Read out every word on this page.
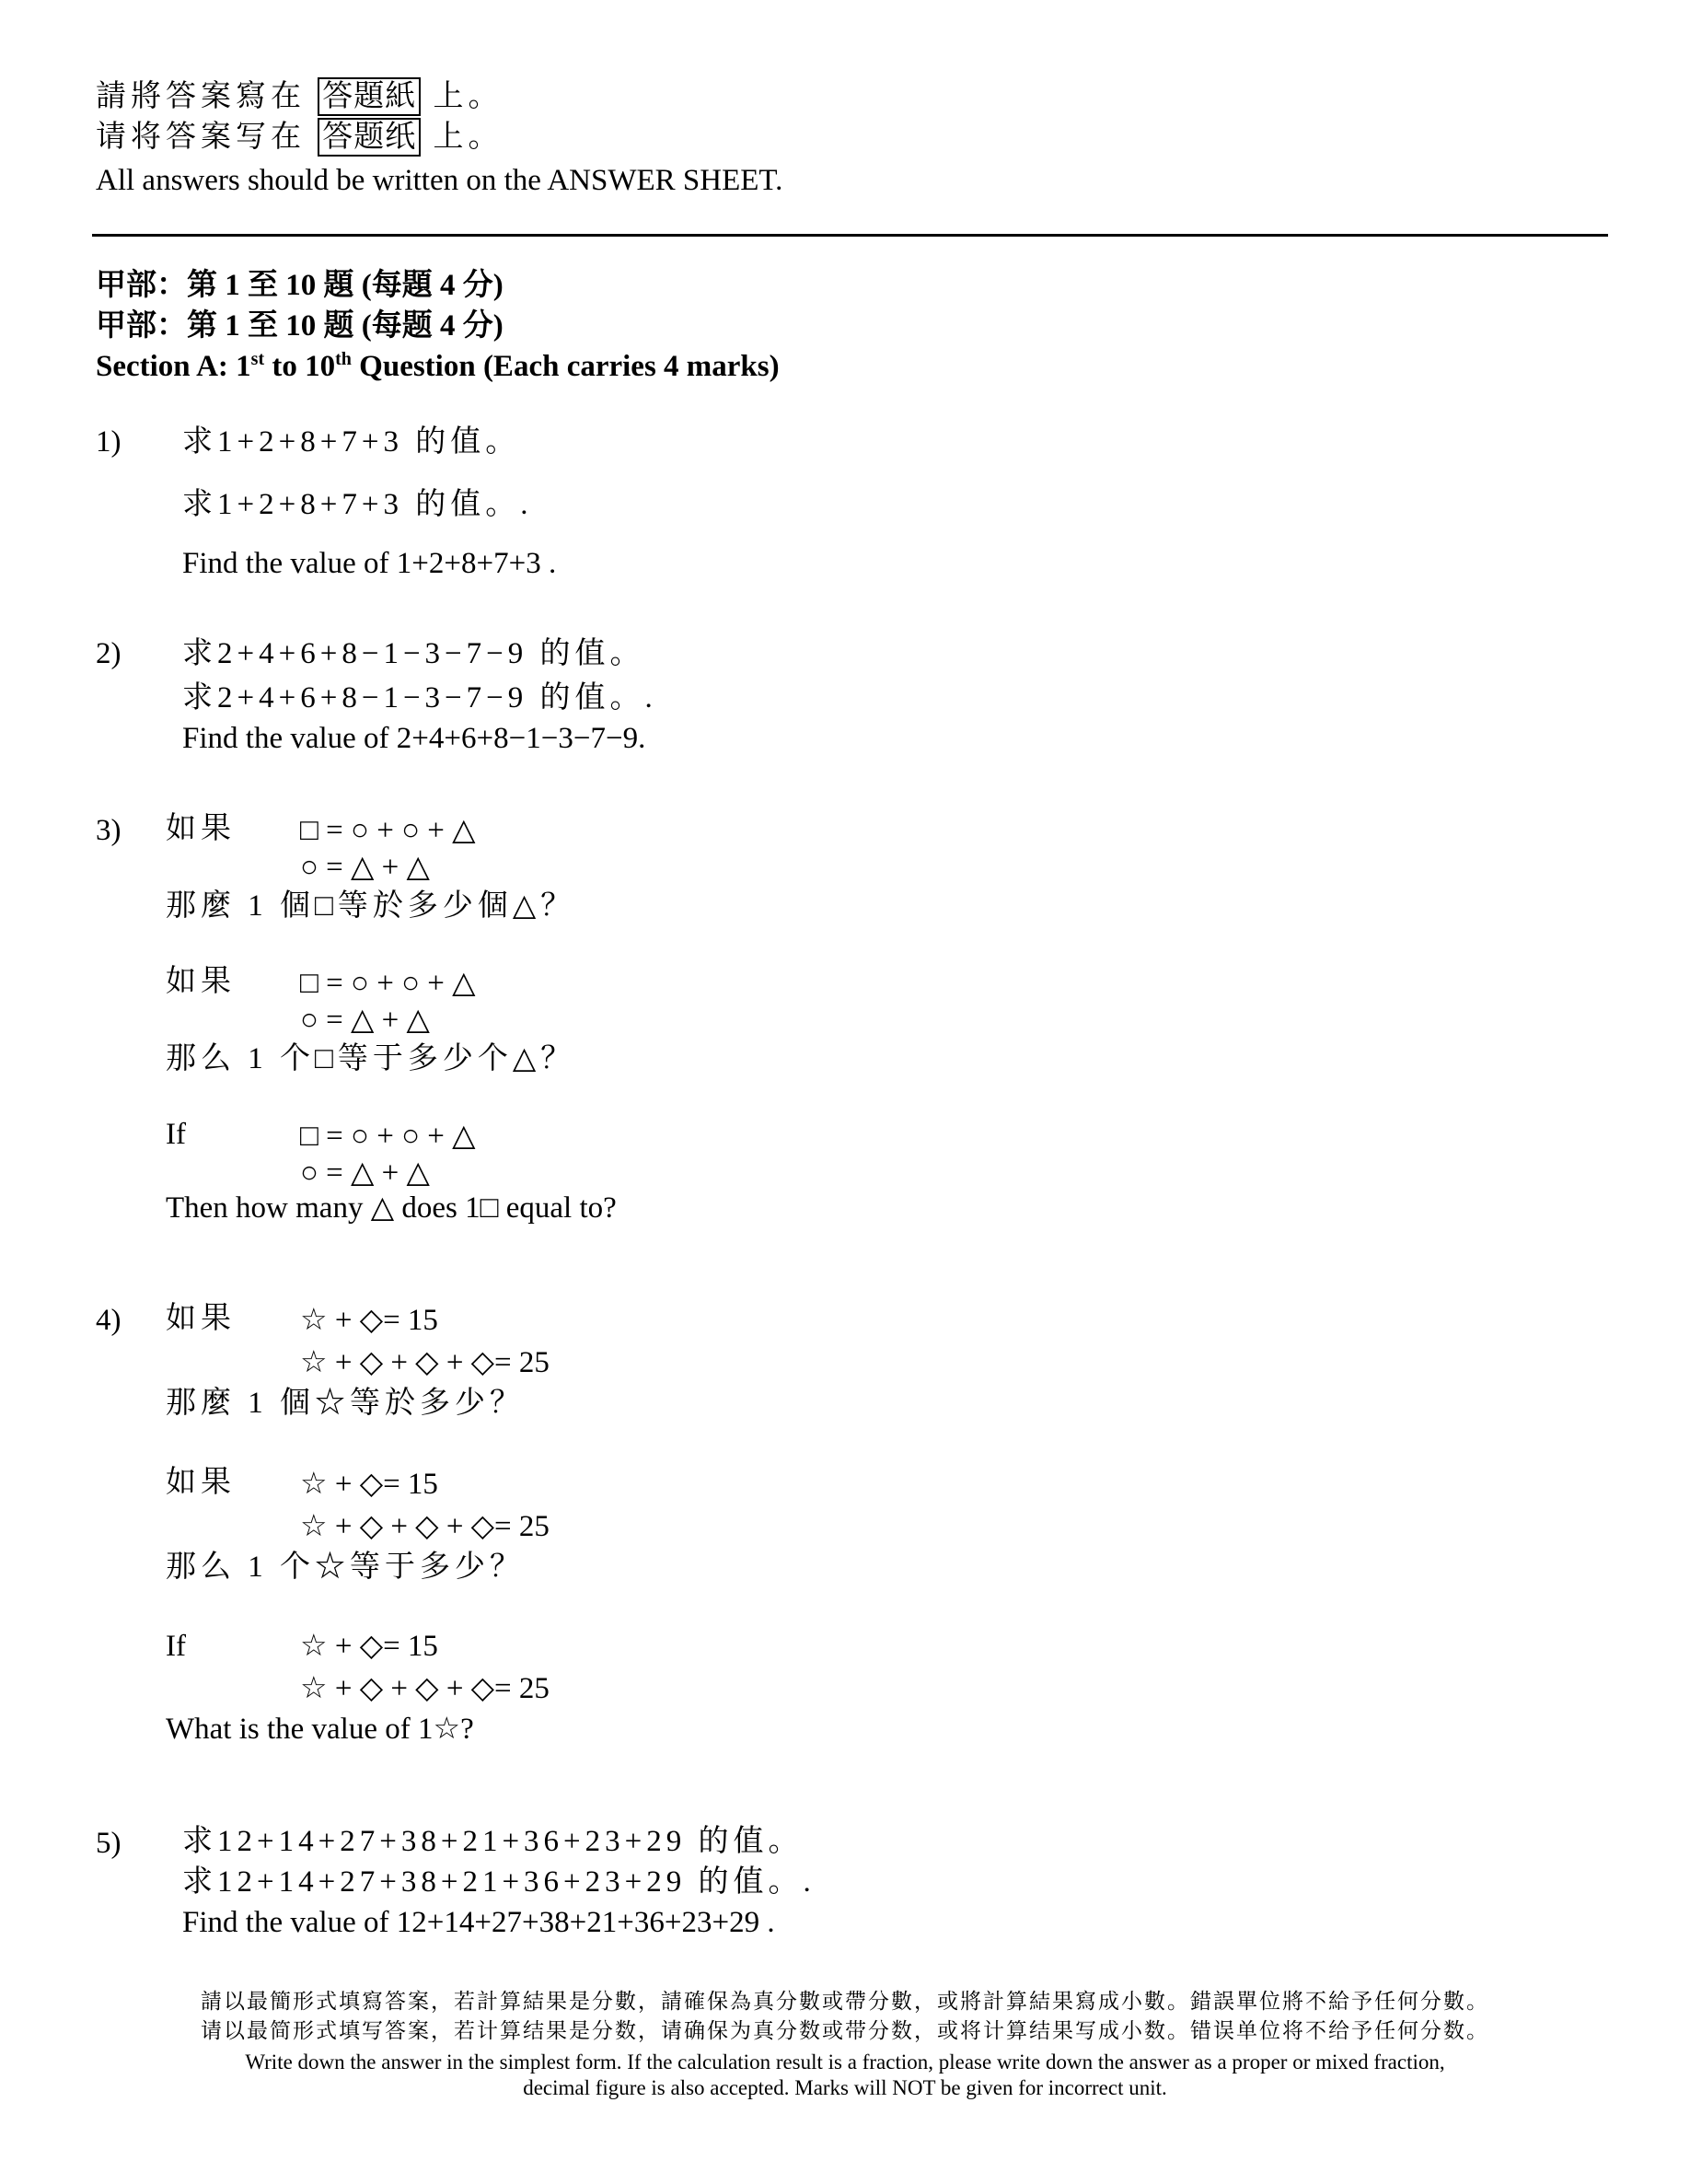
請將答案寫在 答題紙 上。
请将答案写在 答题纸 上。
All answers should be written on the ANSWER SHEET.
甲部：第 1 至 10 題 (每題 4 分)
甲部：第 1 至 10 题 (每题 4 分)
Section A: 1st to 10th Question (Each carries 4 marks)
1) 求1+2+8+7+3 的值。
求1+2+8+7+3 的值。.
Find the value of 1+2+8+7+3 .
2) 求2+4+6+8−1−3−7−9 的值。
求2+4+6+8−1−3−7−9 的值。.
Find the value of 2+4+6+8−1−3−7−9.
3) 如果 □ = ○ + ○ + △
○ = △ + △
那麼 1 個□等於多少個△？
如果 □ = ○ + ○ + △
○ = △ + △
那么 1 个□等于多少个△？
If	□ = ○ + ○ + △
○ = △ + △
Then how many △ does 1□ equal to?
4) 如果 ☆ + ◇= 15
☆ + ◇ + ◇ + ◇= 25
那麼 1 個☆等於多少？
如果 ☆ + ◇= 15
☆ + ◇ + ◇ + ◇= 25
那么 1 个☆等于多少？
If	☆ + ◇= 15
☆ + ◇ + ◇ + ◇= 25
What is the value of 1☆?
5) 求12+14+27+38+21+36+23+29 的值。
求12+14+27+38+21+36+23+29 的值。.
Find the value of 12+14+27+38+21+36+23+29 .
請以最簡形式填寫答案，若計算結果是分數，請確保為真分數或帶分數，或將計算結果寫成小數。錯誤單位將不給予任何分數。
请以最简形式填写答案，若计算结果是分数，请确保为真分数或带分数，或将计算结果写成小数。错误单位将不给予任何分数。
Write down the answer in the simplest form. If the calculation result is a fraction, please write down the answer as a proper or mixed fraction,
decimal figure is also accepted. Marks will NOT be given for incorrect unit.
